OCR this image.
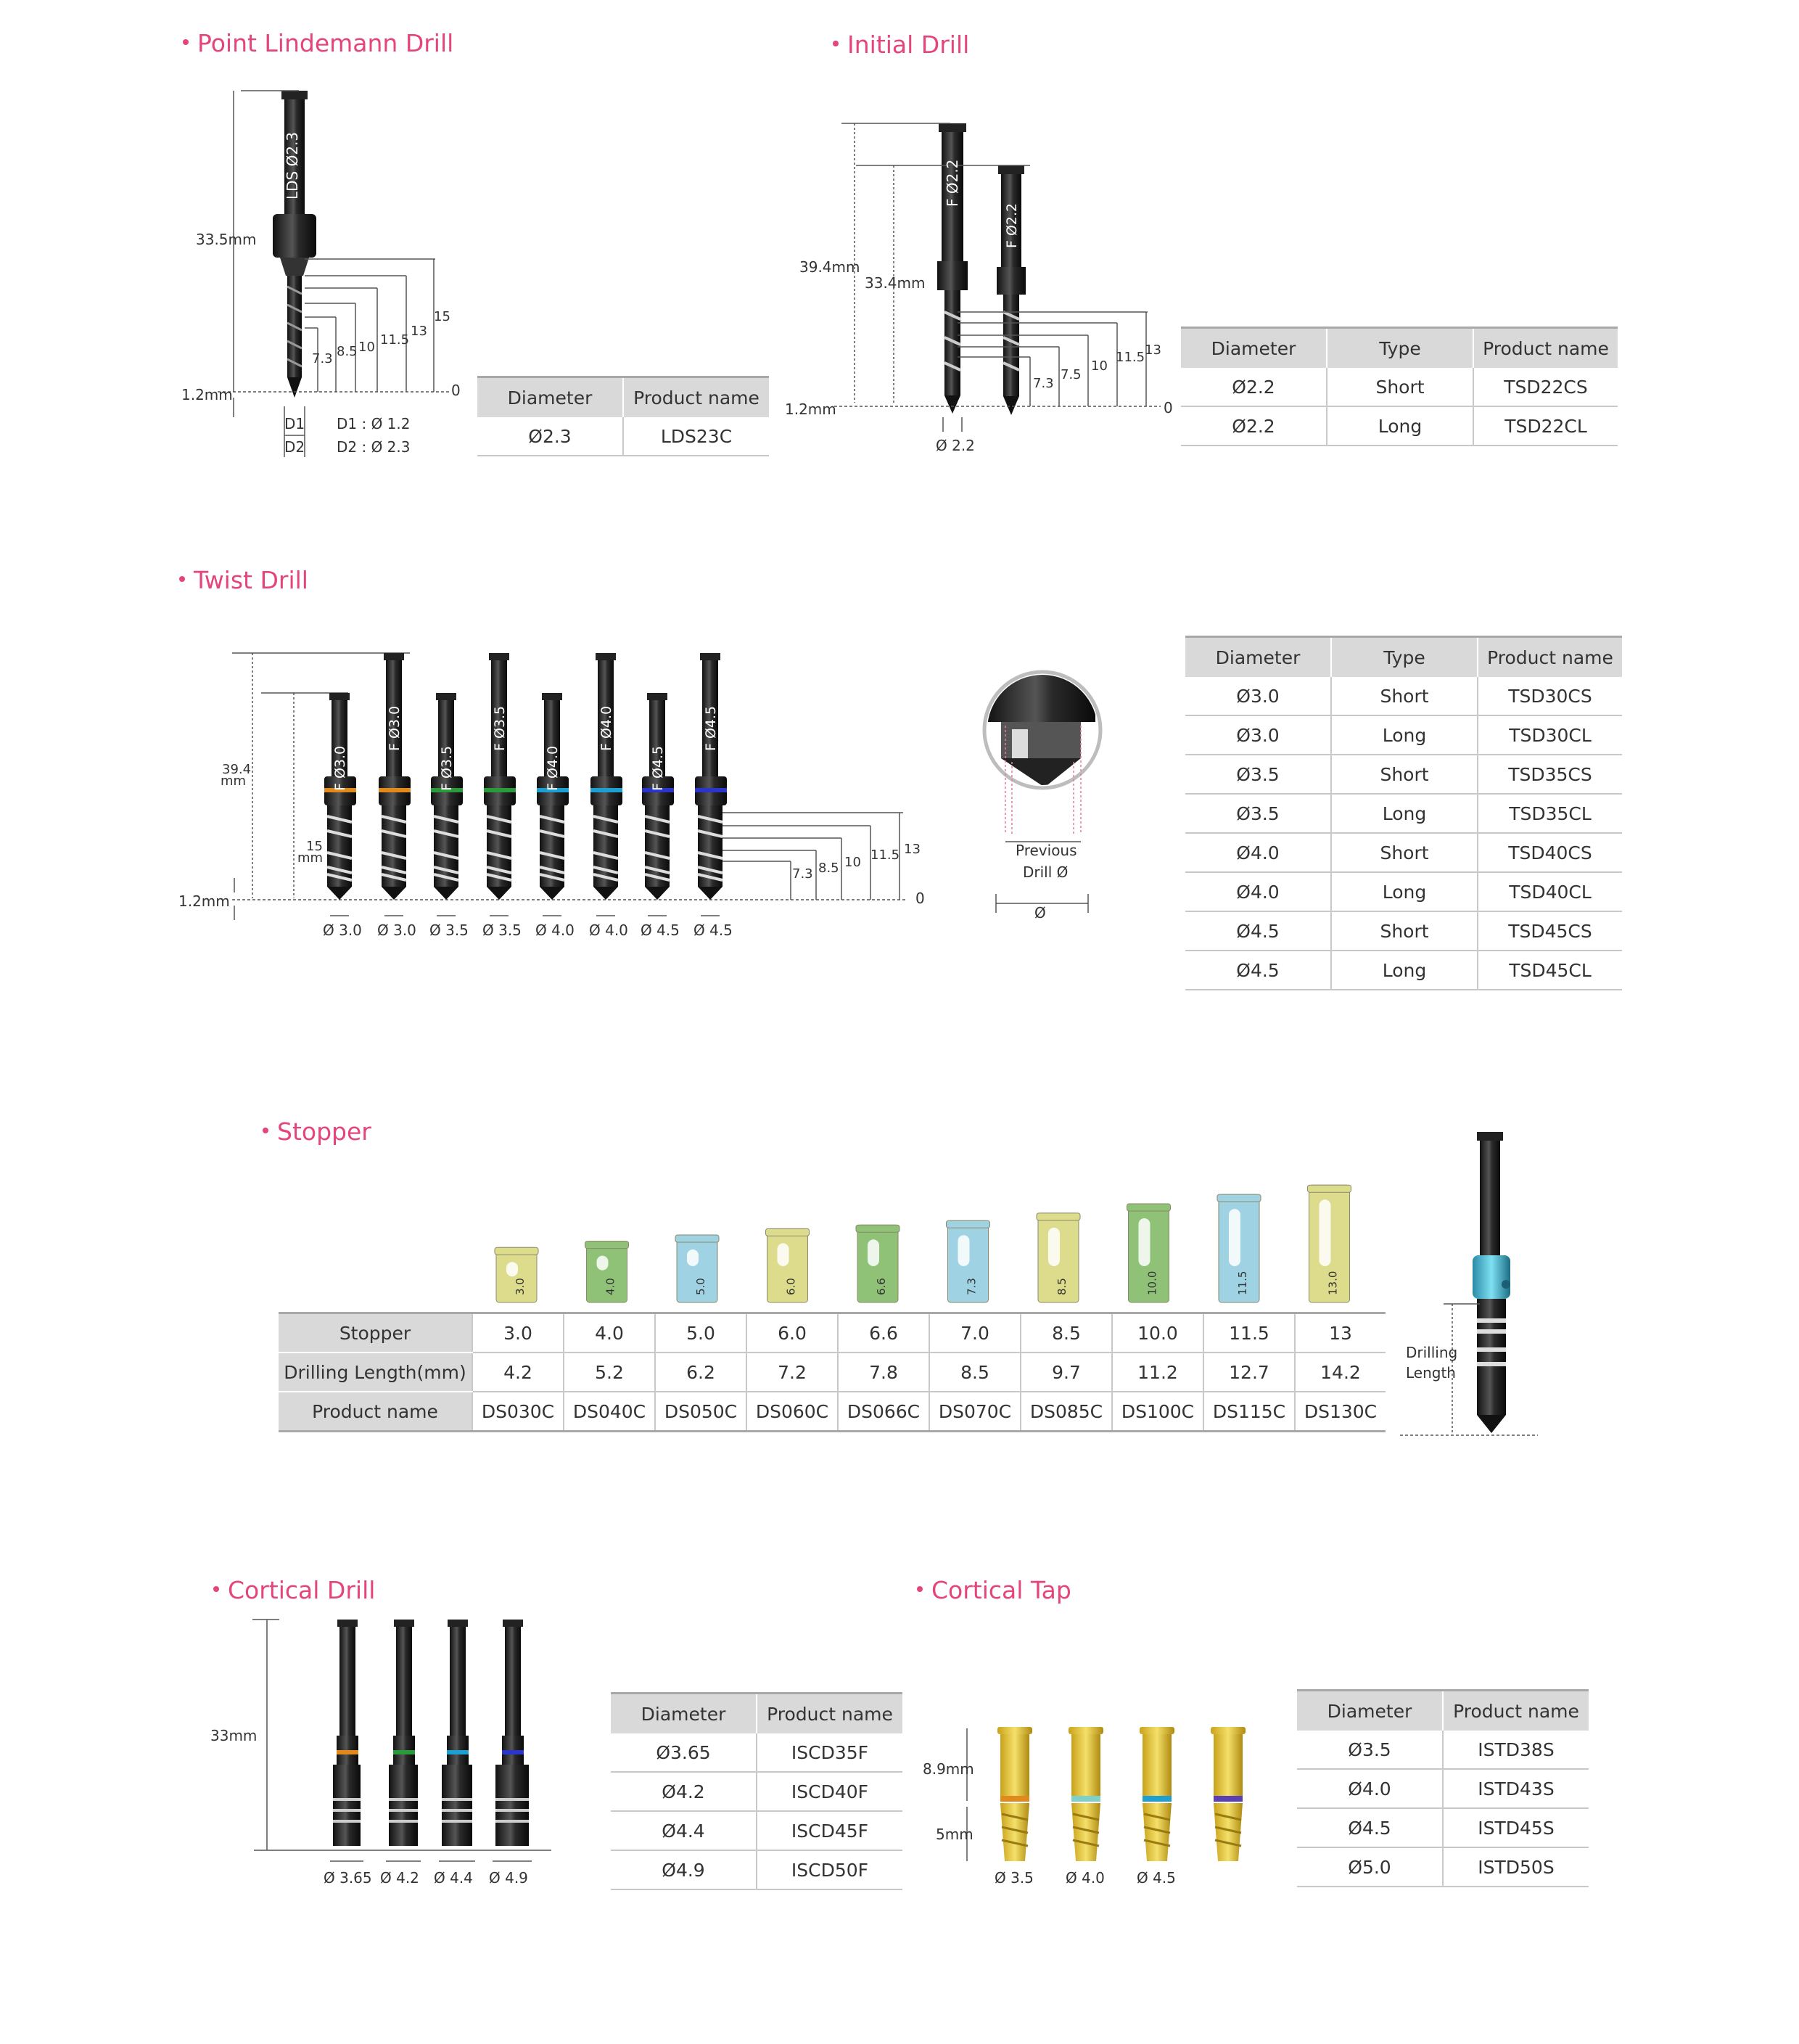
Point Lindemann Drill	Initial Drill
Twist Drill
Stopper
Cortical Drill	Cortical Tap
LDS Ø2.3	F Ø2.2
F Ø2.2
F Ø3.0
F Ø3.0
F Ø3.5
F Ø3.5
F Ø4.0
F Ø4.0
F Ø4.5
F Ø4.5
3.0	4.0	5.0	6.0	6.6	7.3	8.5	10.0	11.5	13.0
33.5mm
1.2mm	0
7.3 8.5 10 11.5
13
15
D1
D2
D1 : Ø 1.2
D2 : Ø 2.3
Diameter	Product name
Ø2.3	LDS23C
39.4mm
33.4mm
1.2mm	0
7.3
7.5
10
11.5 13
Ø 2.2
Diameter	Type	Product name
Ø2.2	Short	TSD22CS
Ø2.2	Long	TSD22CL
39.4
mm
15
mm
1.2mm	0
7.3 8.5 10 11.5 13
Ø 3.0 Ø 3.0 Ø 3.5 Ø 3.5 Ø 4.0 Ø 4.0 Ø 4.5 Ø 4.5
Previous
Drill Ø
Ø
Diameter	Type	Product name
Ø3.0	Short	TSD30CS
Ø3.0	Long	TSD30CL
Ø3.5	Short	TSD35CS
Ø3.5	Long	TSD35CL
Ø4.0	Short	TSD40CS
Ø4.0	Long	TSD40CL
Ø4.5	Short	TSD45CS
Ø4.5	Long	TSD45CL
Stopper	3.0	4.0	5.0	6.0	6.6	7.0	8.5	10.0	11.5	13
Drilling Length(mm)	4.2	5.2	6.2	7.2	7.8	8.5	9.7	11.2	12.7	14.2
Product name	DS030C	DS040C	DS050C	DS060C	DS066C	DS070C	DS085C	DS100C	DS115C	DS130C
Drilling
Length
33mm
Ø 3.65 Ø 4.2 Ø 4.4 Ø 4.9
Diameter	Product name
Ø3.65	ISCD35F
Ø4.2	ISCD40F
Ø4.4	ISCD45F
Ø4.9	ISCD50F
8.9mm
5mm
Ø 3.5 Ø 4.0 Ø 4.5
Diameter	Product name
Ø3.5	ISTD38S
Ø4.0	ISTD43S
Ø4.5	ISTD45S
Ø5.0	ISTD50S
